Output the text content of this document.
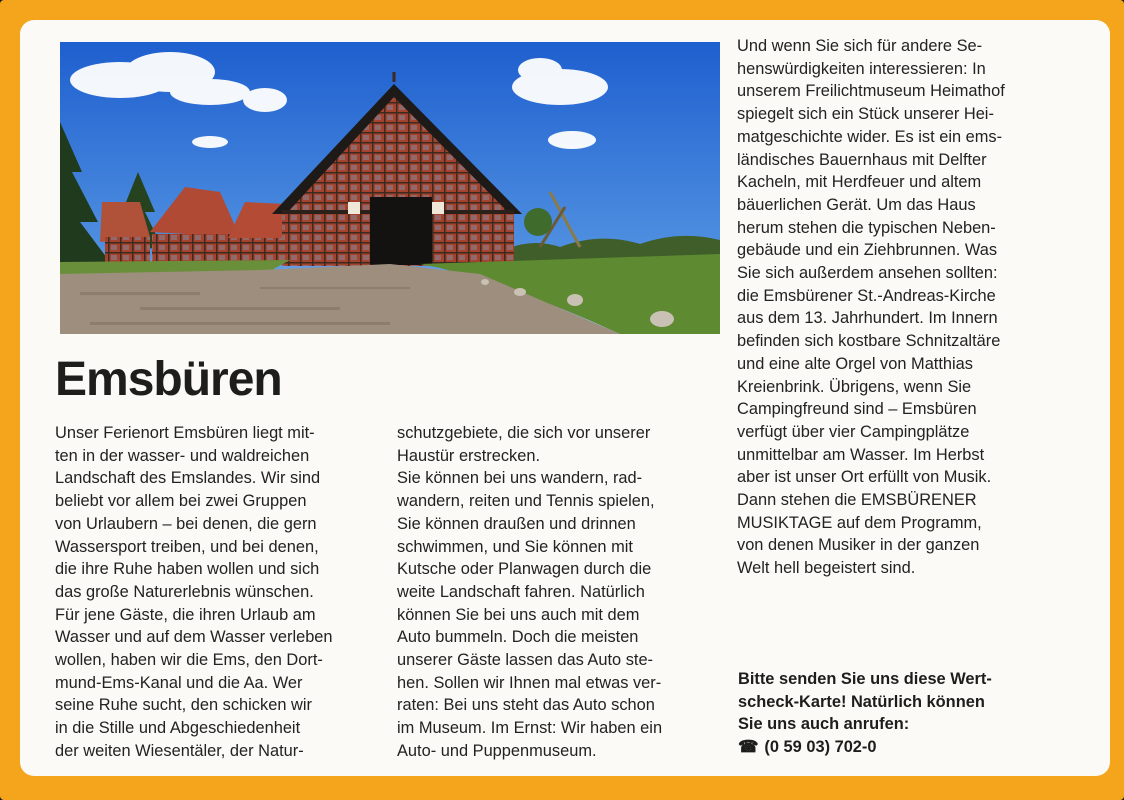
Emsbüren

Unser Ferienort Emsbüren liegt mit-
ten in der wasser- und waldreichen
Landschaft des Emslandes. Wir sind
beliebt vor allem bei zwei Gruppen
von Urlaubern – bei denen, die gern
Wassersport treiben, und bei denen,
die ihre Ruhe haben wollen und sich
das große Naturerlebnis wünschen.
Für jene Gäste, die ihren Urlaub am
Wasser und auf dem Wasser verleben
wollen, haben wir die Ems, den Dort-
mund-Ems-Kanal und die Aa. Wer
seine Ruhe sucht, den schicken wir
in die Stille und Abgeschiedenheit
der weiten Wiesentäler, der Natur-

schutzgebiete, die sich vor unserer
Haustür erstrecken.
Sie können bei uns wandern, rad-
wandern, reiten und Tennis spielen,
Sie können draußen und drinnen
schwimmen, und Sie können mit
Kutsche oder Planwagen durch die
weite Landschaft fahren. Natürlich
können Sie bei uns auch mit dem
Auto bummeln. Doch die meisten
unserer Gäste lassen das Auto ste-
hen. Sollen wir Ihnen mal etwas ver-
raten: Bei uns steht das Auto schon
im Museum. Im Ernst: Wir haben ein
Auto- und Puppenmuseum.

Und wenn Sie sich für andere Se-
henswürdigkeiten interessieren: In
unserem Freilichtmuseum Heimathof
spiegelt sich ein Stück unserer Hei-
matgeschichte wider. Es ist ein ems-
ländisches Bauernhaus mit Delfter
Kacheln, mit Herdfeuer und altem
bäuerlichen Gerät. Um das Haus
herum stehen die typischen Neben-
gebäude und ein Ziehbrunnen. Was
Sie sich außerdem ansehen sollten:
die Emsbürener St.-Andreas-Kirche
aus dem 13. Jahrhundert. Im Innern
befinden sich kostbare Schnitzaltäre
und eine alte Orgel von Matthias
Kreienbrink. Übrigens, wenn Sie
Campingfreund sind – Emsbüren
verfügt über vier Campingplätze
unmittelbar am Wasser. Im Herbst
aber ist unser Ort erfüllt von Musik.
Dann stehen die EMSBÜRENER
MUSIKTAGE auf dem Programm,
von denen Musiker in der ganzen
Welt hell begeistert sind.

Bitte senden Sie uns diese Wert-
scheck-Karte! Natürlich können
Sie uns auch anrufen:

☎ (0 59 03) 702-0
